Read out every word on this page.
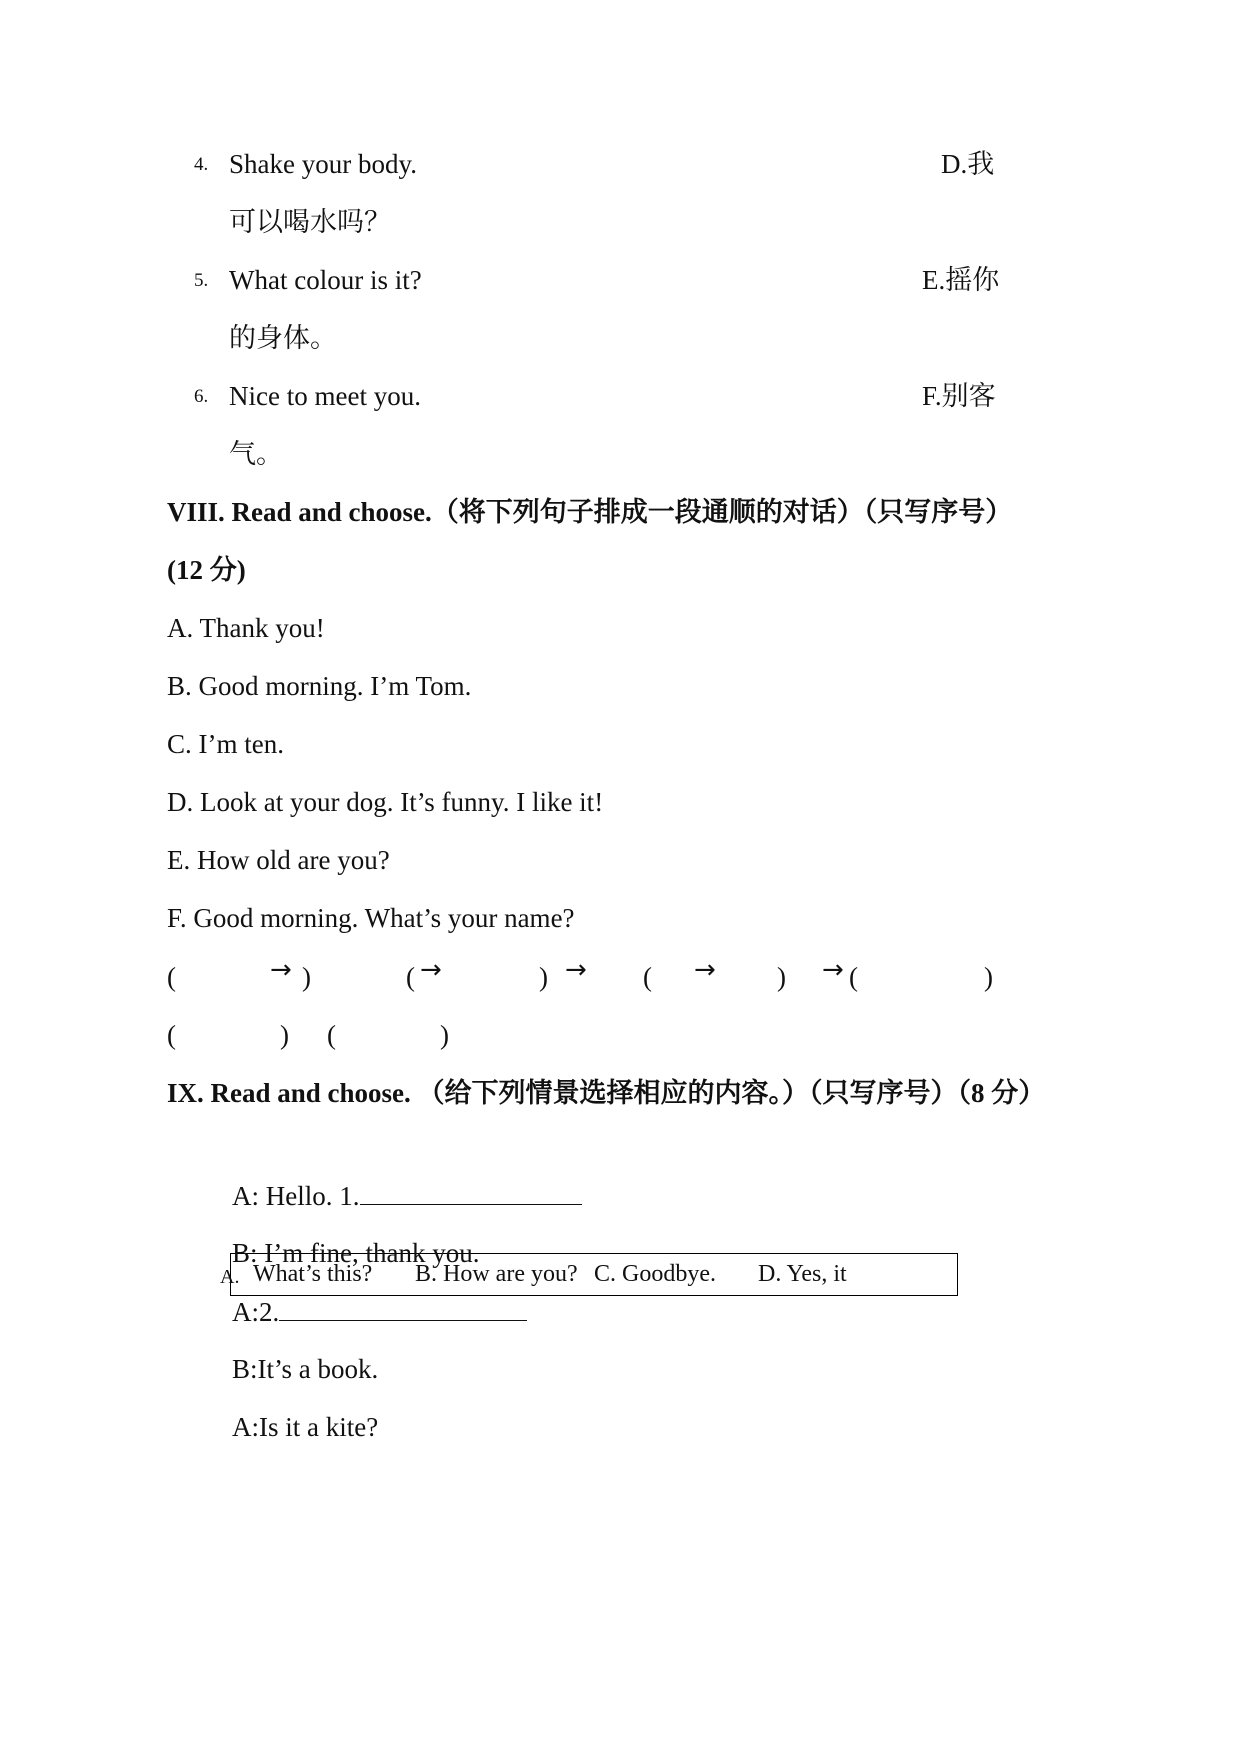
4. Shake your body.	D.我
可以喝水吗？
5. What colour is it?	E.摇你
的身体。
6. Nice to meet you.	F.别客
气。
VIII. Read and choose.（将下列句子排成一段通顺的对话）（只写序号）
(12 分)
A. Thank you!
B. Good morning. I’m Tom.
C. I’m ten.
D. Look at your dog. It’s funny. I like it!
E. How old are you?
F. Good morning. What’s your name?
(	→ )	( →	) → ( → ) → (	)
(	) (	)
IX. Read and choose. （给下列情景选择相应的内容。）（只写序号）（8 分）
A. What’s this? B. How are you? C. Goodbye. D. Yes, it
A: Hello. 1.
B: I’m fine, thank you.
A:2.
B:It’s a book.
A:Is it a kite?
